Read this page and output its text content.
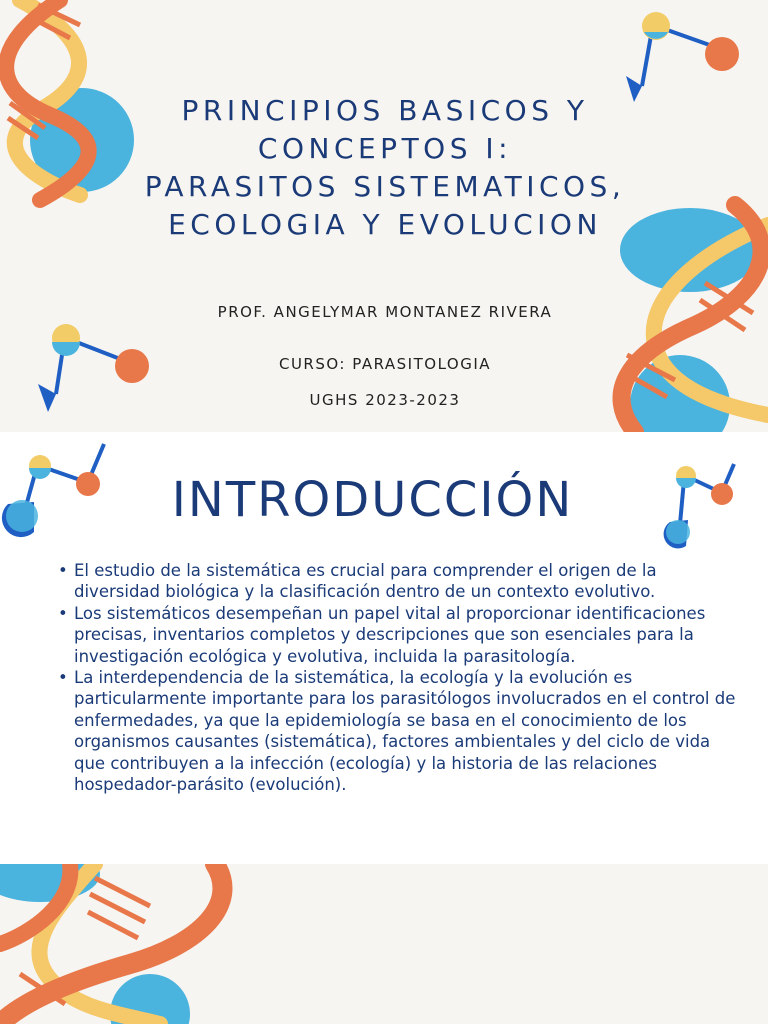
PRINCIPIOS BASICOS Y
CONCEPTOS I:
PARASITOS SISTEMATICOS,
ECOLOGIA Y EVOLUCION
PROF. ANGELYMAR MONTANEZ RIVERA
CURSO: PARASITOLOGIA
UGHS 2023-2023
INTRODUCCIÓN
• El estudio de la sistemática es crucial para comprender el origen de la diversidad biológica y la clasificación dentro de un contexto evolutivo.
• Los sistemáticos desempeñan un papel vital al proporcionar identificaciones precisas, inventarios completos y descripciones que son esenciales para la investigación ecológica y evolutiva, incluida la parasitología.
• La interdependencia de la sistemática, la ecología y la evolución es particularmente importante para los parasitólogos involucrados en el control de enfermedades, ya que la epidemiología se basa en el conocimiento de los organismos causantes (sistemática), factores ambientales y del ciclo de vida que contribuyen a la infección (ecología) y la historia de las relaciones hospedador-parásito (evolución).
